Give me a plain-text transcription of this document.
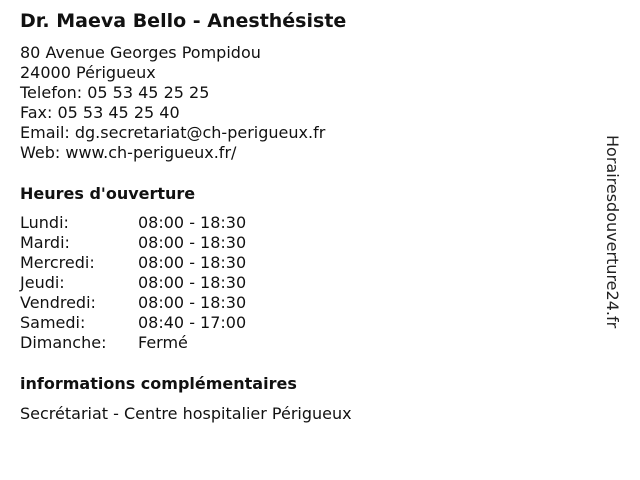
Dr. Maeva Bello - Anesthésiste
80 Avenue Georges Pompidou
24000 Périgueux
Telefon: 05 53 45 25 25
Fax: 05 53 45 25 40
Email: dg.secretariat@ch-perigueux.fr
Web: www.ch-perigueux.fr/
Heures d'ouverture
Lundi:	08:00 - 18:30
Mardi:	08:00 - 18:30
Mercredi:	08:00 - 18:30
Jeudi:	08:00 - 18:30
Vendredi:	08:00 - 18:30
Samedi:	08:40 - 17:00
Dimanche:	Fermé
informations complémentaires
Secrétariat - Centre hospitalier Périgueux
Horairesdouverture24.fr
